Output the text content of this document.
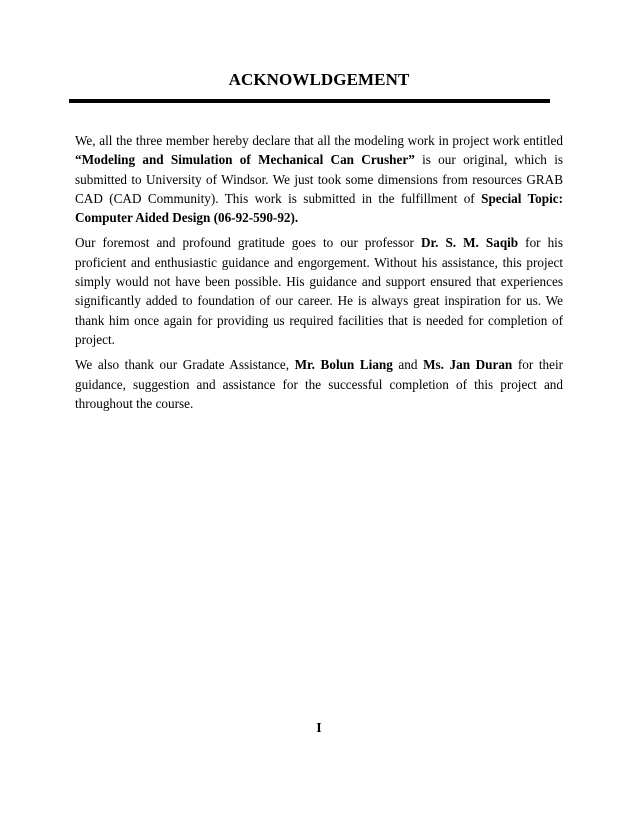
ACKNOWLDGEMENT

We, all the three member hereby declare that all the modeling work in project work entitled “Modeling and Simulation of Mechanical Can Crusher” is our original, which is submitted to University of Windsor. We just took some dimensions from resources GRAB CAD (CAD Community). This work is submitted in the fulfillment of Special Topic: Computer Aided Design (06-92-590-92).

Our foremost and profound gratitude goes to our professor Dr. S. M. Saqib for his proficient and enthusiastic guidance and engorgement. Without his assistance, this project simply would not have been possible. His guidance and support ensured that experiences significantly added to foundation of our career. He is always great inspiration for us. We thank him once again for providing us required facilities that is needed for completion of project.

We also thank our Gradate Assistance, Mr. Bolun Liang and Ms. Jan Duran for their guidance, suggestion and assistance for the successful completion of this project and throughout the course.

I
